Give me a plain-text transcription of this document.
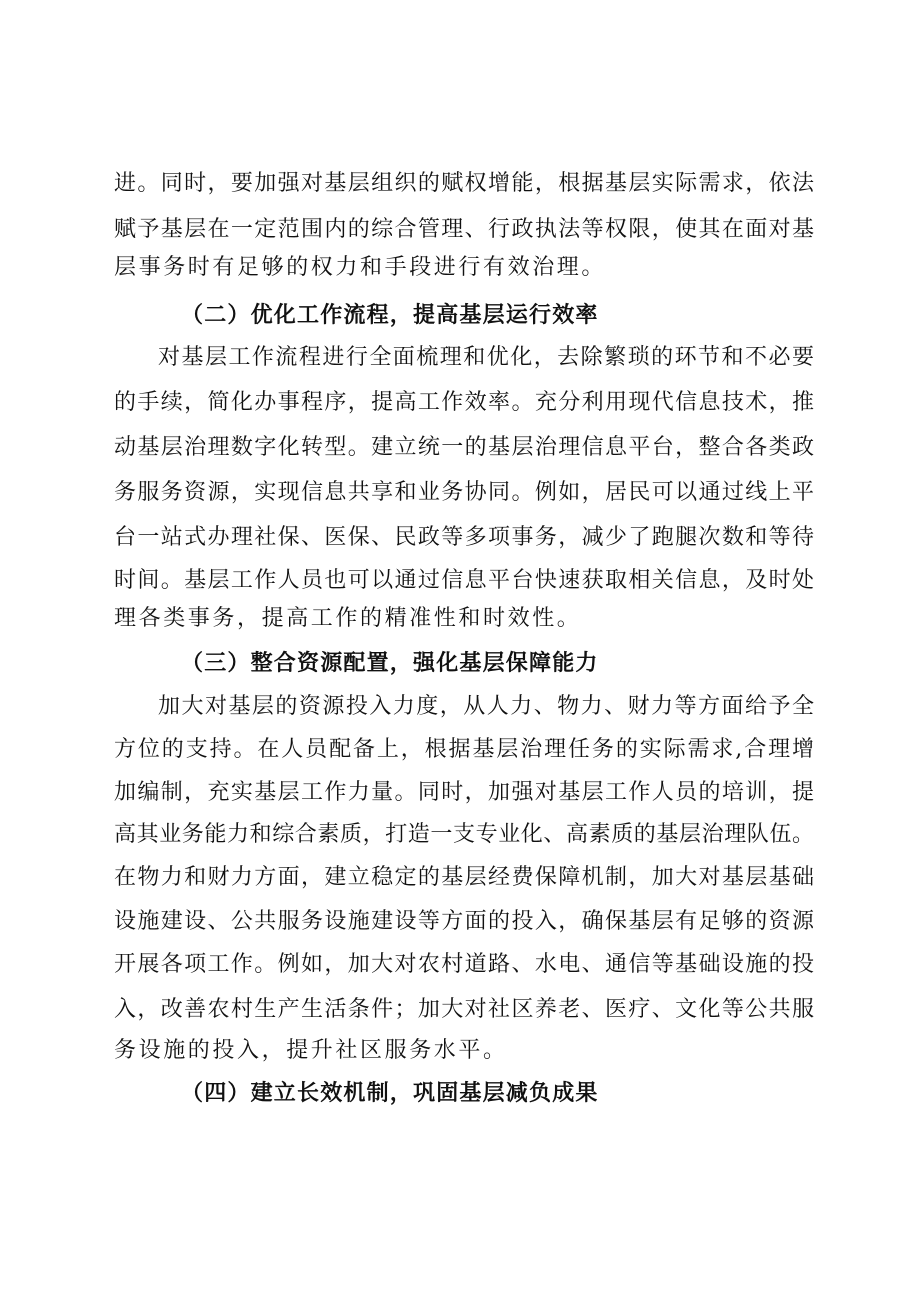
进。同时，要加强对基层组织的赋权增能，根据基层实际需求，依法
赋予基层在一定范围内的综合管理、行政执法等权限，使其在面对基
层事务时有足够的权力和手段进行有效治理。
（二）优化工作流程，提高基层运行效率
对基层工作流程进行全面梳理和优化，去除繁琐的环节和不必要
的手续，简化办事程序，提高工作效率。充分利用现代信息技术，推
动基层治理数字化转型。建立统一的基层治理信息平台，整合各类政
务服务资源，实现信息共享和业务协同。例如，居民可以通过线上平
台一站式办理社保、医保、民政等多项事务，减少了跑腿次数和等待
时间。基层工作人员也可以通过信息平台快速获取相关信息，及时处
理各类事务，提高工作的精准性和时效性。
（三）整合资源配置，强化基层保障能力
加大对基层的资源投入力度，从人力、物力、财力等方面给予全
方位的支持。在人员配备上，根据基层治理任务的实际需求,合理增
加编制，充实基层工作力量。同时，加强对基层工作人员的培训，提
高其业务能力和综合素质，打造一支专业化、高素质的基层治理队伍。
在物力和财力方面，建立稳定的基层经费保障机制，加大对基层基础
设施建设、公共服务设施建设等方面的投入，确保基层有足够的资源
开展各项工作。例如，加大对农村道路、水电、通信等基础设施的投
入，改善农村生产生活条件；加大对社区养老、医疗、文化等公共服
务设施的投入，提升社区服务水平。
（四）建立长效机制，巩固基层减负成果
